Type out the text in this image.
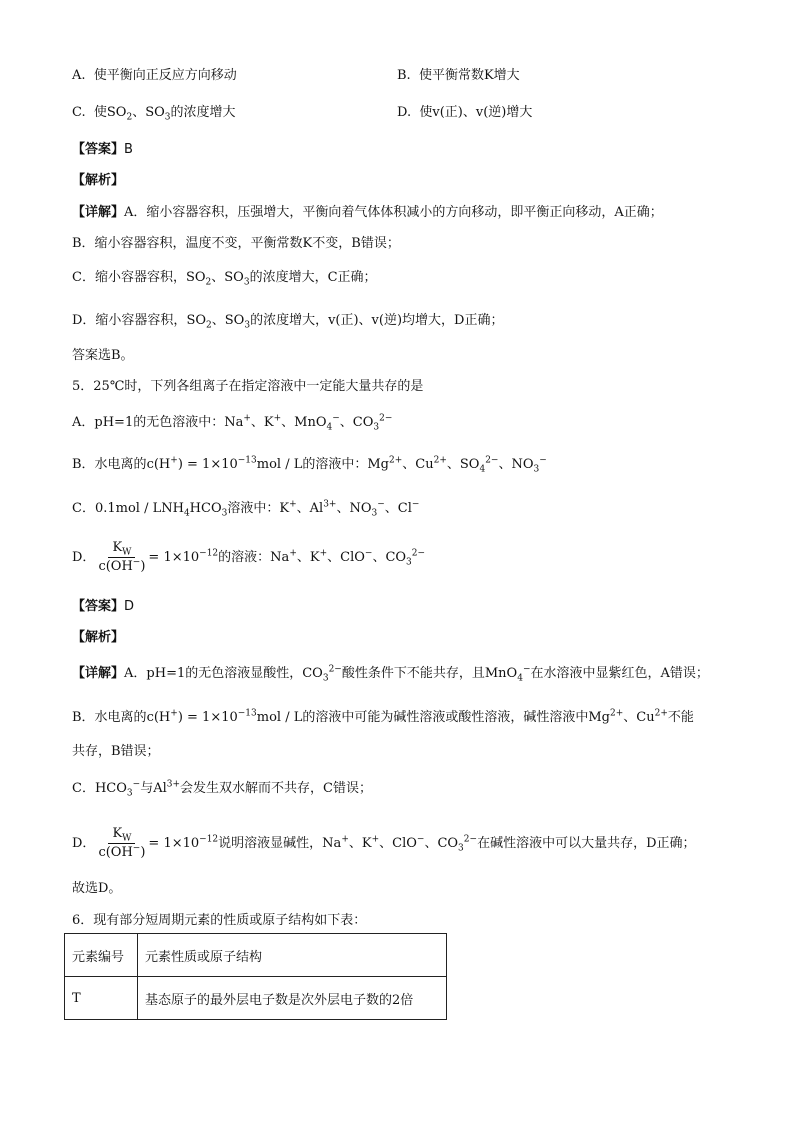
A. 使平衡向正反应方向移动	B. 使平衡常数K增大
C. 使$SO_2$、$SO_3$的浓度增大	D. 使v(正)、v(逆)增大
【答案】B
【解析】
【详解】A．缩小容器容积，压强增大，平衡向着气体体积减小的方向移动，即平衡正向移动，A正确；
B．缩小容器容积，温度不变，平衡常数K不变，B错误；
C．缩小容器容积，$SO_2$、$SO_3$的浓度增大，C正确；
D．缩小容器容积，$SO_2$、$SO_3$的浓度增大，v(正)、v(逆)均增大，D正确；
答案选B。
5．25℃时，下列各组离子在指定溶液中一定能大量共存的是
A．pH=1的无色溶液中：Na+、K+、MnO$_4$−、$CO_3^{2-}$
B．水电离的$c(H^+) = 1\times 10^{-13}mol / L$的溶液中：$Mg^{2+}$、$Cu^{2+}$、$SO_4^{2-}$、$NO_3^-$
C．$0.1mol / LNH_4HCO_3$溶液中：K+、$Al^{3+}$、$NO_3^-$、Cl−
D． $\frac{K_W}{c(OH^-)} = 1\times 10^{-12}$的溶液：Na+、K+、ClO−、$CO_3^{2-}$
【答案】D
【解析】
【详解】A．pH=1的无色溶液显酸性，$CO_3^{2-}$酸性条件下不能共存，且MnO$_4$−在水溶液中显紫红色，A错误；
B．水电离的$c(H^+) = 1\times 10^{-13}mol / L$的溶液中可能为碱性溶液或酸性溶液，碱性溶液中$Mg^{2+}$、$Cu^{2+}$不能
共存，B错误；
C．$HCO_3^-$与$Al^{3+}$会发生双水解而不共存，C错误；
D． $\frac{K_W}{c(OH^-)} = 1\times 10^{-12}$说明溶液显碱性，Na+、K+、ClO−、$CO_3^{2-}$在碱性溶液中可以大量共存，D正确；
故选D。
6．现有部分短周期元素的性质或原子结构如下表：
元素编号	元素性质或原子结构
T	基态原子的最外层电子数是次外层电子数的2倍
